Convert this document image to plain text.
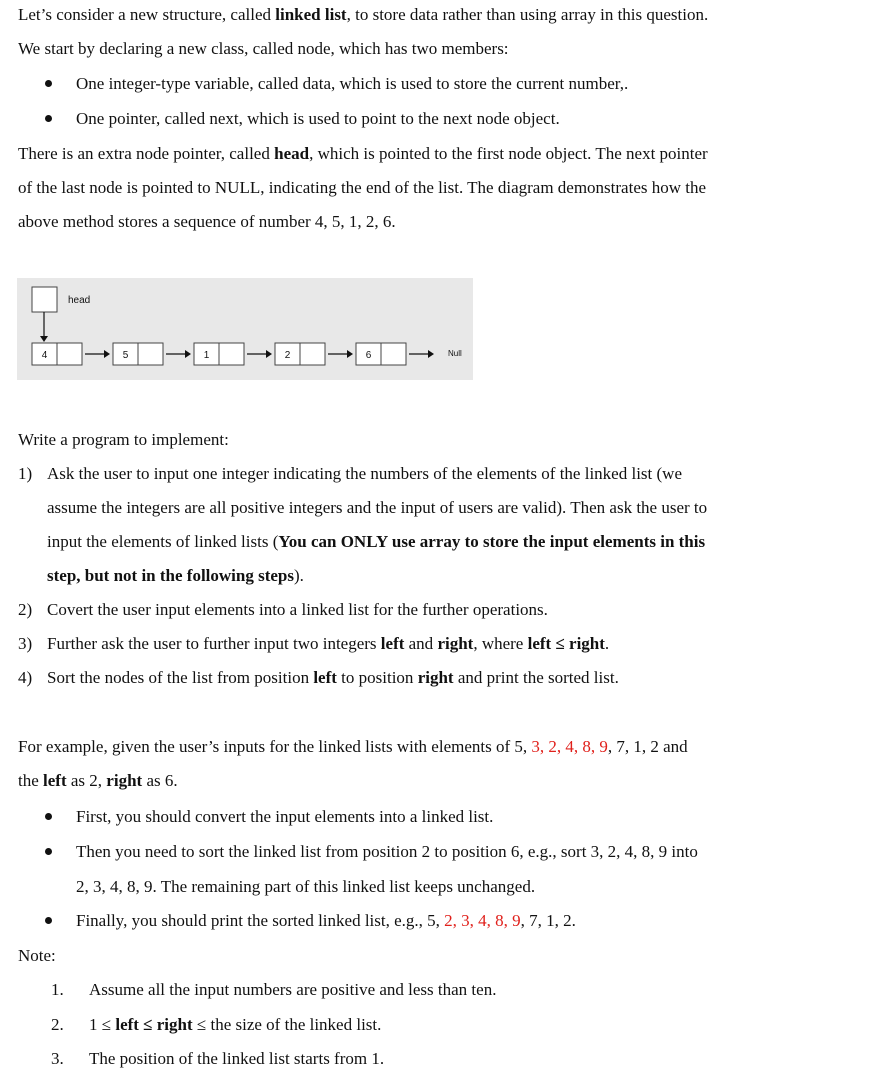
Let’s consider a new structure, called linked list, to store data rather than using array in this question.
We start by declaring a new class, called node, which has two members:
One integer-type variable, called data, which is used to store the current number,.
One pointer, called next, which is used to point to the next node object.
There is an extra node pointer, called head, which is pointed to the first node object. The next pointer
of the last node is pointed to NULL, indicating the end of the list. The diagram demonstrates how the
above method stores a sequence of number 4, 5, 1, 2, 6.
head
4	5	1	2	6	Null
Write a program to implement:
1) Ask the user to input one integer indicating the numbers of the elements of the linked list (we
assume the integers are all positive integers and the input of users are valid). Then ask the user to
input the elements of linked lists (You can ONLY use array to store the input elements in this
step, but not in the following steps).
2) Covert the user input elements into a linked list for the further operations.
3) Further ask the user to further input two integers left and right, where left ≤ right.
4) Sort the nodes of the list from position left to position right and print the sorted list.
For example, given the user’s inputs for the linked lists with elements of 5, 3, 2, 4, 8, 9, 7, 1, 2 and
the left as 2, right as 6.
First, you should convert the input elements into a linked list.
Then you need to sort the linked list from position 2 to position 6, e.g., sort 3, 2, 4, 8, 9 into
2, 3, 4, 8, 9. The remaining part of this linked list keeps unchanged.
Finally, you should print the sorted linked list, e.g., 5, 2, 3, 4, 8, 9, 7, 1, 2.
Note:
1. Assume all the input numbers are positive and less than ten.
2. 1 ≤ left ≤ right ≤ the size of the linked list.
3. The position of the linked list starts from 1.
